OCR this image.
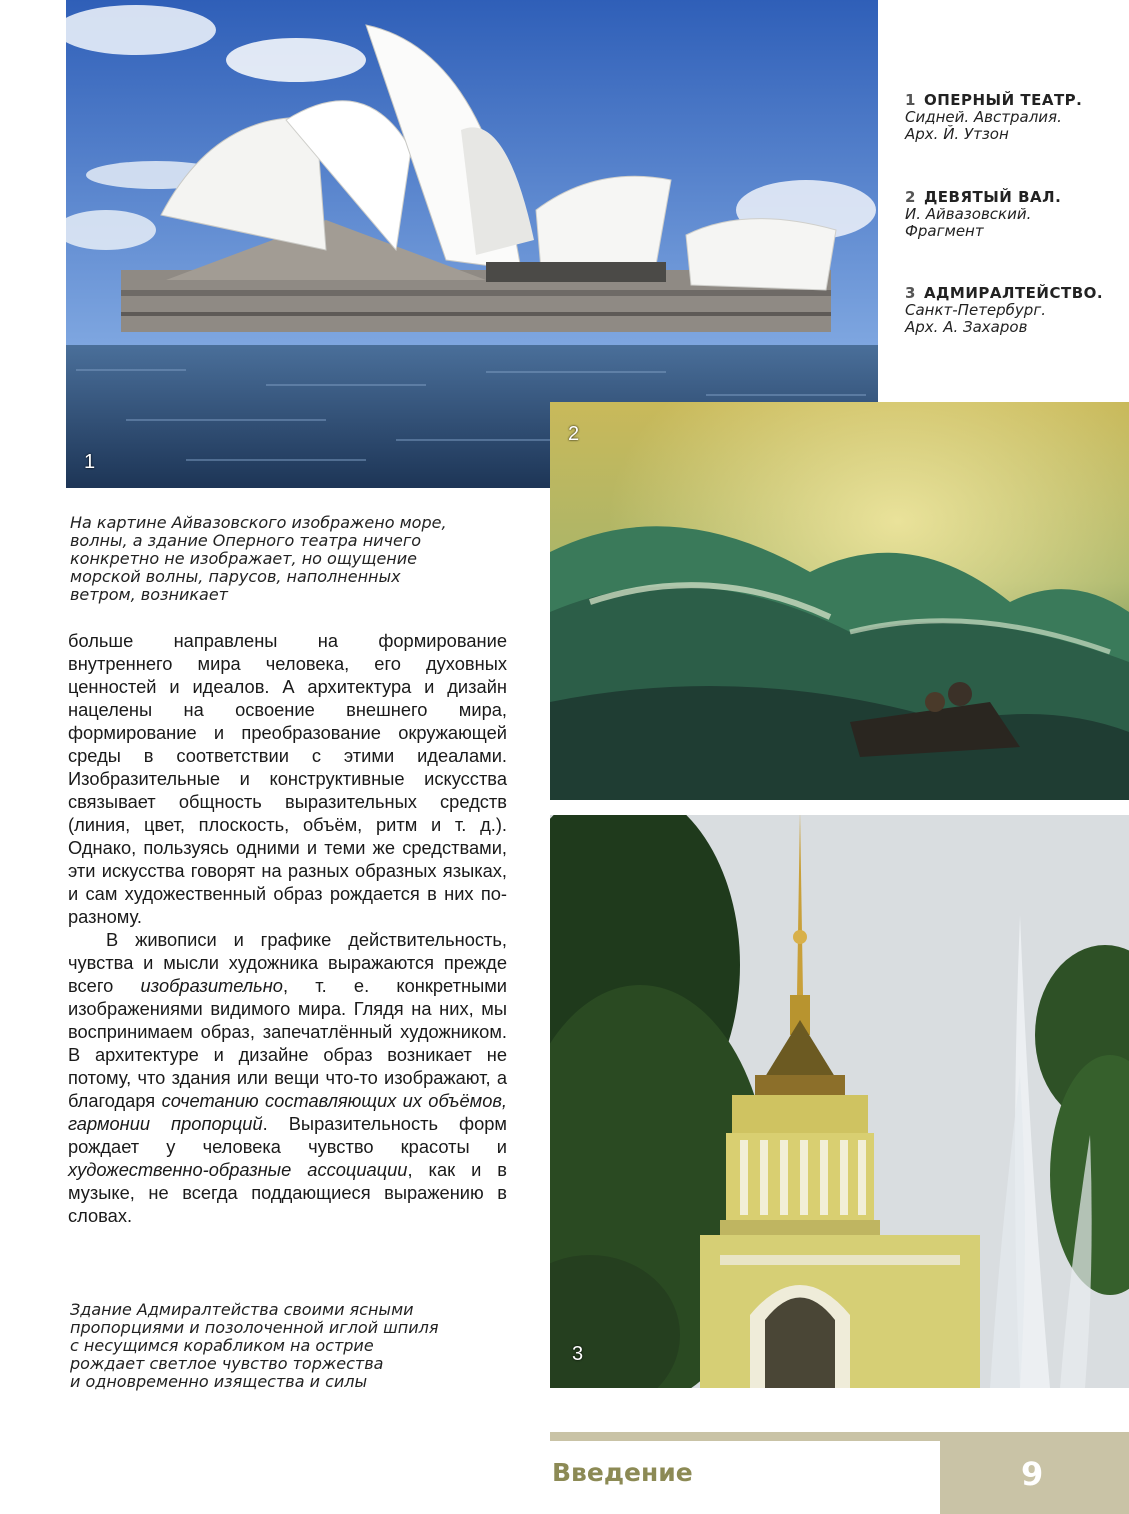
1
1 ОПЕРНЫЙ ТЕАТР.
Сидней. Австралия.
Арх. Й. Утзон
2 ДЕВЯТЫЙ ВАЛ.
И. Айвазовский.
Фрагмент
3 АДМИРАЛТЕЙСТВО.
Санкт-Петербург.
Арх. А. Захаров
2
3
На картине Айвазовского изображено море,
волны, а здание Оперного театра ничего
конкретно не изображает, но ощущение
морской волны, парусов, наполненных
ветром, возникает

больше направлены на формирование внутреннего мира человека, его духовных ценностей и идеалов. А архитектура и дизайн нацелены на освоение внешнего мира, формирование и преобразование окружающей среды в соответствии с этими идеалами. Изобразительные и конструктивные искусства связывает общность выразительных средств (линия, цвет, плоскость, объём, ритм и т. д.). Однако, пользуясь одними и теми же средствами, эти искусства говорят на разных образных языках, и сам художественный образ рождается в них по-разному.

В живописи и графике действительность, чувства и мысли художника выражаются прежде всего изобразительно, т. е. конкретными изображениями видимого мира. Глядя на них, мы воспринимаем образ, запечатлённый художником. В архитектуре и дизайне образ возникает не потому, что здания или вещи что-то изображают, а благодаря сочетанию составляющих их объёмов, гармонии пропорций. Выразительность форм рождает у человека чувство красоты и художественно-образные ассоциации, как и в музыке, не всегда поддающиеся выражению в словах.

Здание Адмиралтейства своими ясными
пропорциями и позолоченной иглой шпиля
с несущимся корабликом на острие
рождает светлое чувство торжества
и одновременно изящества и силы
Введение	9
